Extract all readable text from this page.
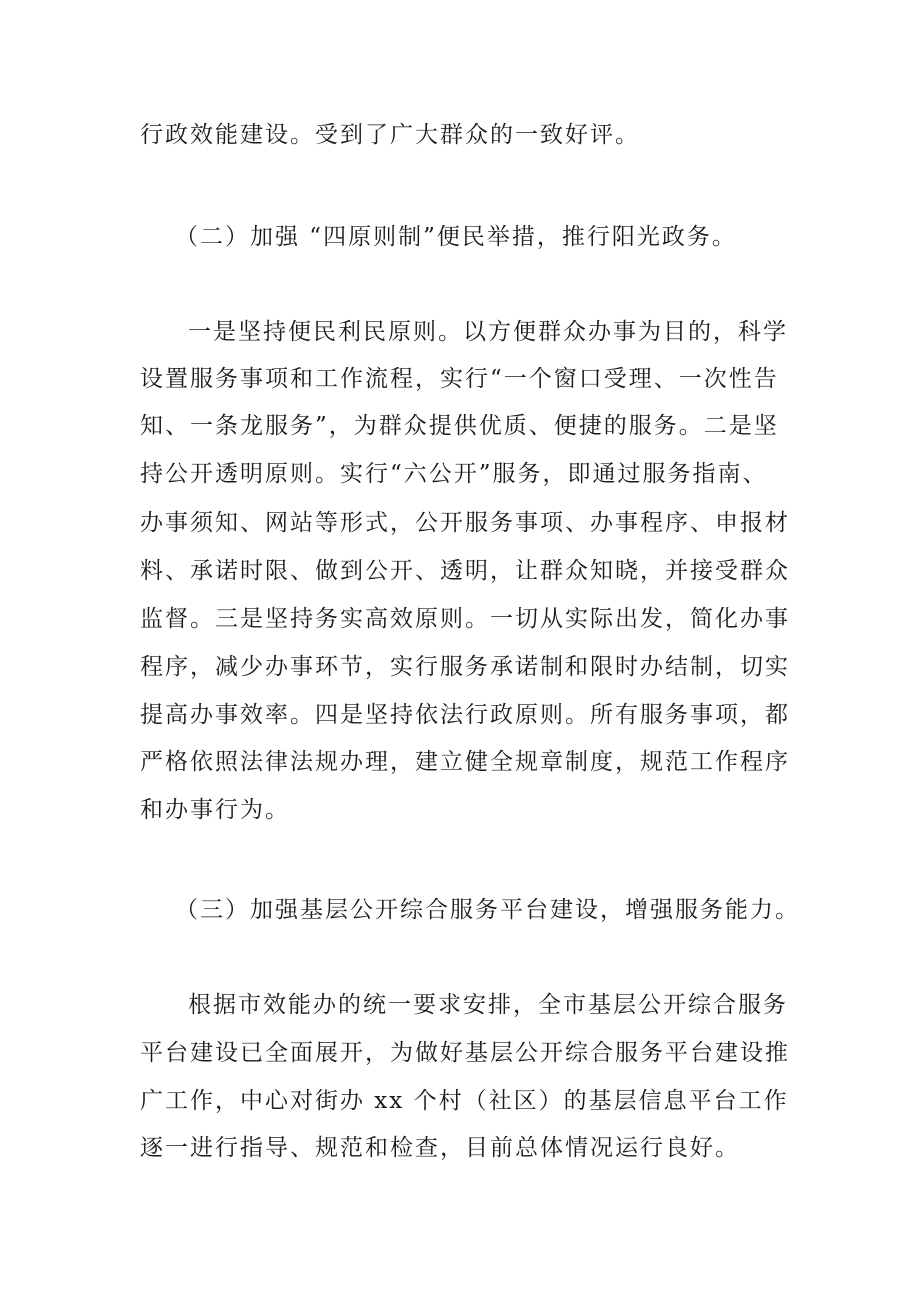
行政效能建设。受到了广大群众的一致好评。
（二）加强 “四原则制”便民举措，推行阳光政务。
一是坚持便民利民原则。以方便群众办事为目的，科学
设置服务事项和工作流程，实行“一个窗口受理、一次性告
知、一条龙服务”，为群众提供优质、便捷的服务。二是坚
持公开透明原则。实行“六公开”服务，即通过服务指南、
办事须知、网站等形式，公开服务事项、办事程序、申报材
料、承诺时限、做到公开、透明，让群众知晓，并接受群众
监督。三是坚持务实高效原则。一切从实际出发，简化办事
程序，减少办事环节，实行服务承诺制和限时办结制，切实
提高办事效率。四是坚持依法行政原则。所有服务事项，都
严格依照法律法规办理，建立健全规章制度，规范工作程序
和办事行为。
（三）加强基层公开综合服务平台建设，增强服务能力。
根据市效能办的统一要求安排，全市基层公开综合服务
平台建设已全面展开，为做好基层公开综合服务平台建设推
广工作，中心对街办 xx 个村（社区）的基层信息平台工作
逐一进行指导、规范和检查，目前总体情况运行良好。
